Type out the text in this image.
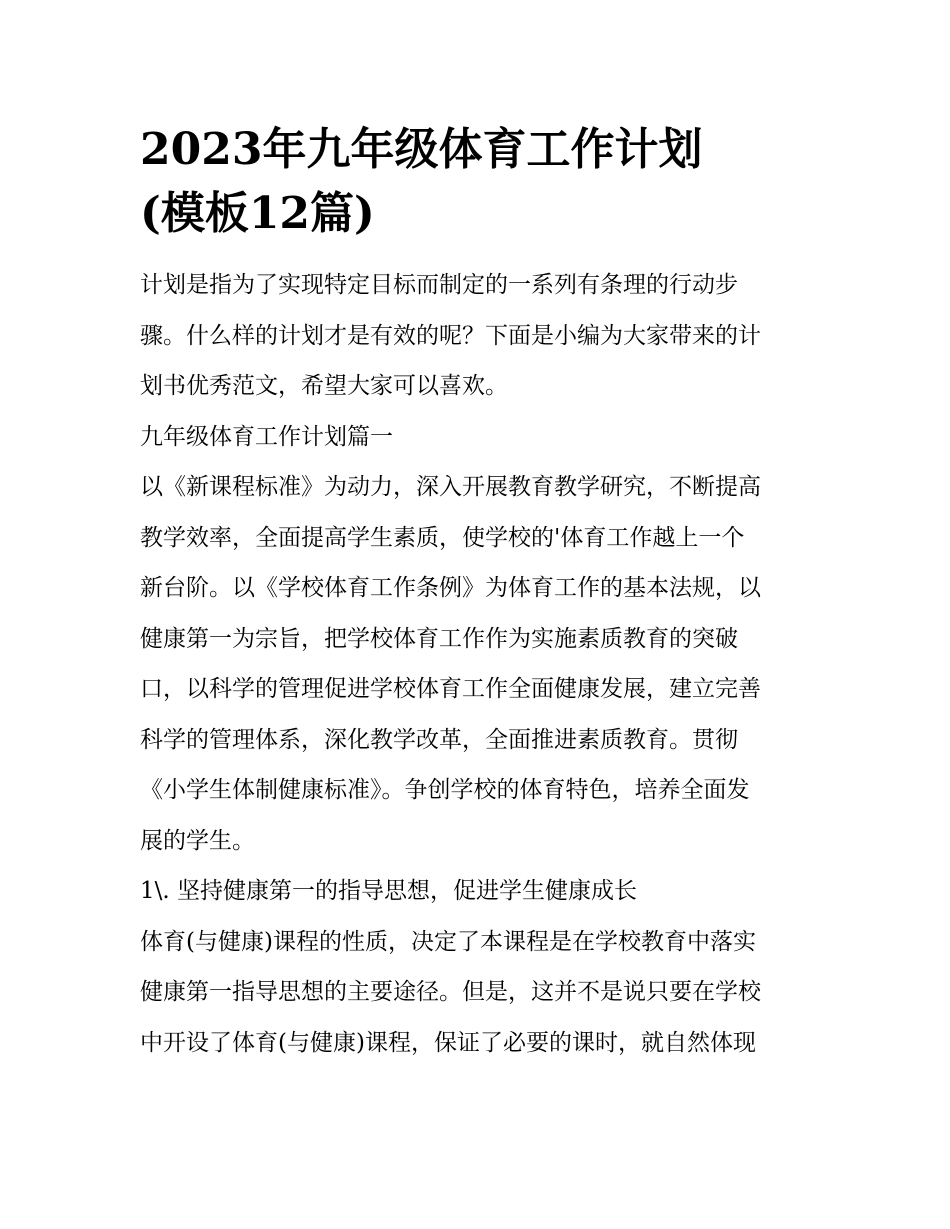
2023年九年级体育工作计划
(模板12篇)
计划是指为了实现特定目标而制定的一系列有条理的行动步
骤。什么样的计划才是有效的呢？下面是小编为大家带来的计
划书优秀范文，希望大家可以喜欢。
九年级体育工作计划篇一
以《新课程标准》为动力，深入开展教育教学研究，不断提高
教学效率，全面提高学生素质，使学校的'体育工作越上一个
新台阶。以《学校体育工作条例》为体育工作的基本法规，以
健康第一为宗旨，把学校体育工作作为实施素质教育的突破
口，以科学的管理促进学校体育工作全面健康发展，建立完善
科学的管理体系，深化教学改革，全面推进素质教育。贯彻
《小学生体制健康标准》。争创学校的体育特色，培养全面发
展的学生。
1\. 坚持健康第一的指导思想，促进学生健康成长
体育(与健康)课程的性质，决定了本课程是在学校教育中落实
健康第一指导思想的主要途径。但是，这并不是说只要在学校
中开设了体育(与健康)课程，保证了必要的课时，就自然体现
